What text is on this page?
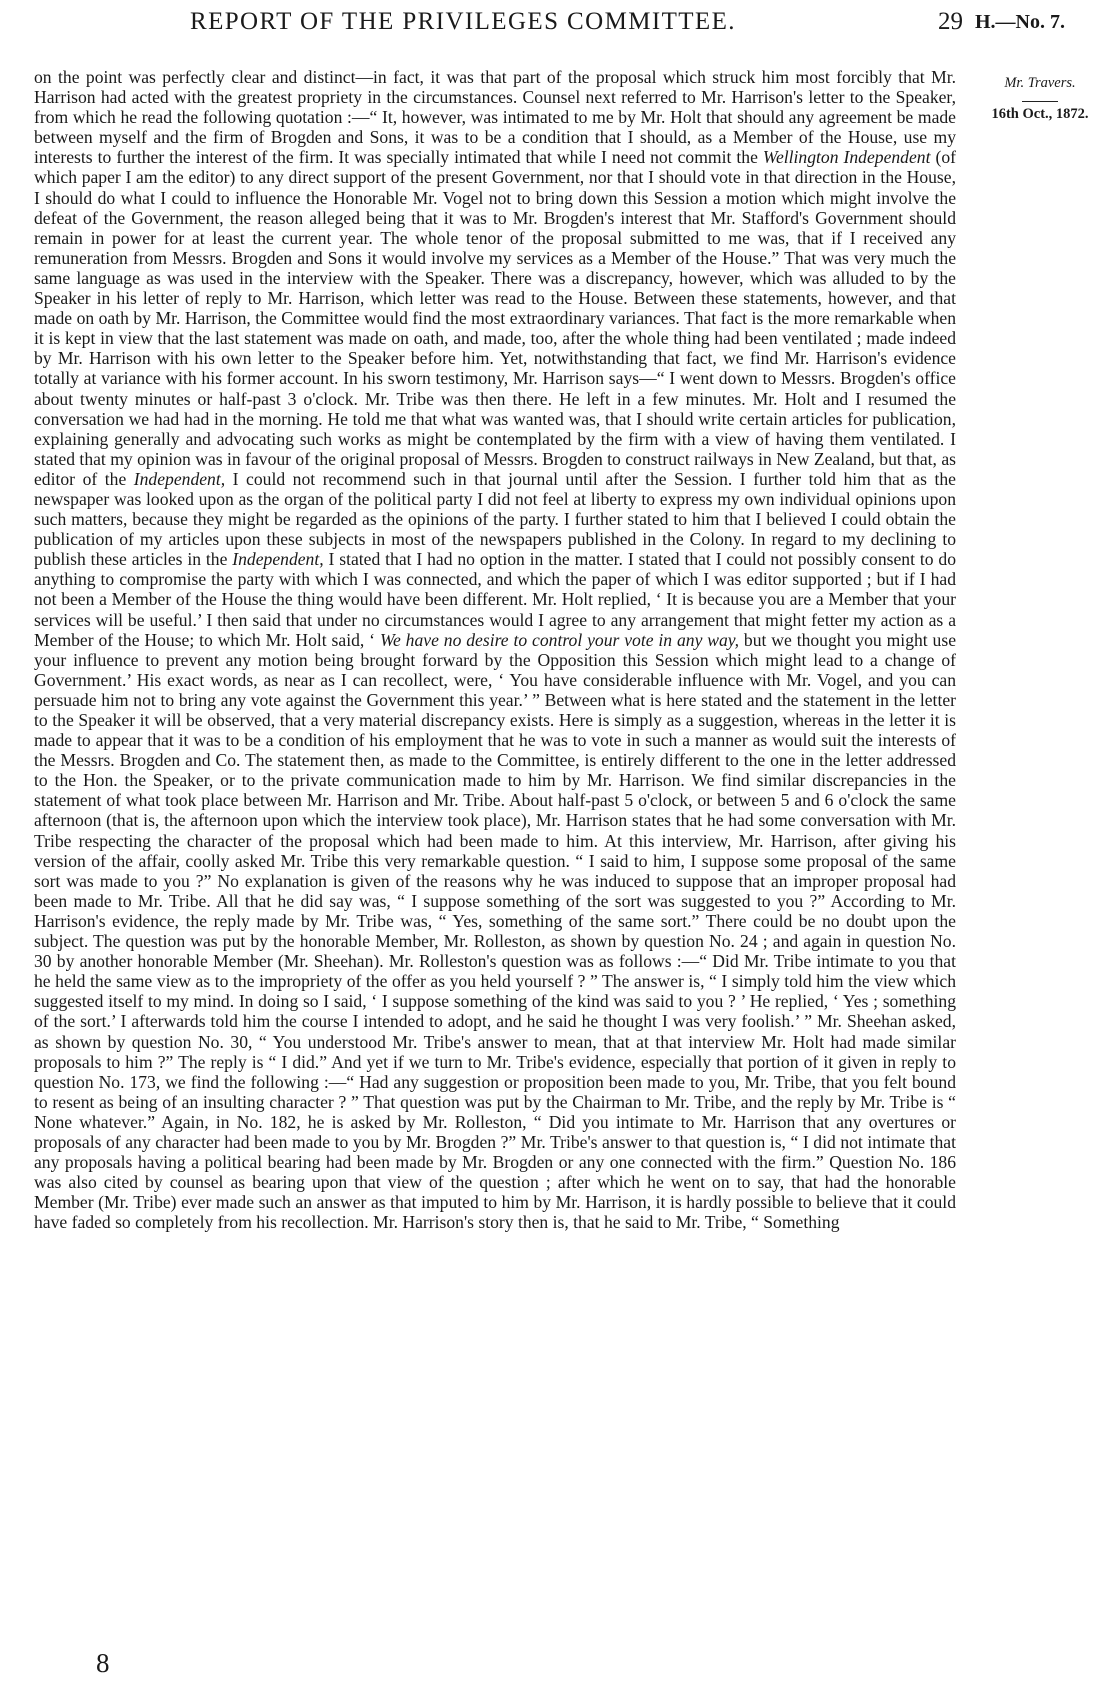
REPORT OF THE PRIVILEGES COMMITTEE.	29 H.—No. 7.
Mr. Travers.
16th Oct., 1872.

on the point was perfectly clear and distinct—in fact, it was that part of the proposal which struck him most forcibly that Mr. Harrison had acted with the greatest propriety in the circumstances. Counsel next referred to Mr. Harrison's letter to the Speaker, from which he read the following quotation :—“ It, however, was intimated to me by Mr. Holt that should any agreement be made between myself and the firm of Brogden and Sons, it was to be a condition that I should, as a Member of the House, use my interests to further the interest of the firm. It was specially intimated that while I need not commit the Wellington Independent (of which paper I am the editor) to any direct support of the present Government, nor that I should vote in that direction in the House, I should do what I could to influence the Honorable Mr. Vogel not to bring down this Session a motion which might involve the defeat of the Government, the reason alleged being that it was to Mr. Brogden's interest that Mr. Stafford's Government should remain in power for at least the current year. The whole tenor of the proposal submitted to me was, that if I received any remuneration from Messrs. Brogden and Sons it would involve my services as a Member of the House.” That was very much the same language as was used in the interview with the Speaker. There was a discrepancy, however, which was alluded to by the Speaker in his letter of reply to Mr. Harrison, which letter was read to the House. Between these statements, however, and that made on oath by Mr. Harrison, the Committee would find the most extraordinary variances. That fact is the more remarkable when it is kept in view that the last statement was made on oath, and made, too, after the whole thing had been ventilated ; made indeed by Mr. Harrison with his own letter to the Speaker before him. Yet, notwithstanding that fact, we find Mr. Harrison's evidence totally at variance with his former account. In his sworn testimony, Mr. Harrison says—“ I went down to Messrs. Brogden's office about twenty minutes or half-past 3 o'clock. Mr. Tribe was then there. He left in a few minutes. Mr. Holt and I resumed the conversation we had had in the morning. He told me that what was wanted was, that I should write certain articles for publication, explaining generally and advocating such works as might be contemplated by the firm with a view of having them ventilated. I stated that my opinion was in favour of the original proposal of Messrs. Brogden to construct railways in New Zealand, but that, as editor of the Independent, I could not recommend such in that journal until after the Session. I further told him that as the newspaper was looked upon as the organ of the political party I did not feel at liberty to express my own individual opinions upon such matters, because they might be regarded as the opinions of the party. I further stated to him that I believed I could obtain the publication of my articles upon these subjects in most of the newspapers published in the Colony. In regard to my declining to publish these articles in the Independent, I stated that I had no option in the matter. I stated that I could not possibly consent to do anything to compromise the party with which I was connected, and which the paper of which I was editor supported ; but if I had not been a Member of the House the thing would have been different. Mr. Holt replied, ‘ It is because you are a Member that your services will be useful.’ I then said that under no circumstances would I agree to any arrangement that might fetter my action as a Member of the House; to which Mr. Holt said, ‘ We have no desire to control your vote in any way, but we thought you might use your influence to prevent any motion being brought forward by the Opposition this Session which might lead to a change of Government.’ His exact words, as near as I can recollect, were, ‘ You have considerable influence with Mr. Vogel, and you can persuade him not to bring any vote against the Government this year.’ ” Between what is here stated and the statement in the letter to the Speaker it will be observed, that a very material discrepancy exists. Here is simply as a suggestion, whereas in the letter it is made to appear that it was to be a condition of his employment that he was to vote in such a manner as would suit the interests of the Messrs. Brogden and Co. The statement then, as made to the Committee, is entirely different to the one in the letter addressed to the Hon. the Speaker, or to the private communication made to him by Mr. Harrison. We find similar discrepancies in the statement of what took place between Mr. Harrison and Mr. Tribe. About half-past 5 o'clock, or between 5 and 6 o'clock the same afternoon (that is, the afternoon upon which the interview took place), Mr. Harrison states that he had some conversation with Mr. Tribe respecting the character of the proposal which had been made to him. At this interview, Mr. Harrison, after giving his version of the affair, coolly asked Mr. Tribe this very remarkable question. “ I said to him, I suppose some proposal of the same sort was made to you ?” No explanation is given of the reasons why he was induced to suppose that an improper proposal had been made to Mr. Tribe. All that he did say was, “ I suppose something of the sort was suggested to you ?” According to Mr. Harrison's evidence, the reply made by Mr. Tribe was, “ Yes, something of the same sort.” There could be no doubt upon the subject. The question was put by the honorable Member, Mr. Rolleston, as shown by question No. 24 ; and again in question No. 30 by another honorable Member (Mr. Sheehan). Mr. Rolleston's question was as follows :—“ Did Mr. Tribe intimate to you that he held the same view as to the impropriety of the offer as you held yourself ? ” The answer is, “ I simply told him the view which suggested itself to my mind. In doing so I said, ‘ I suppose something of the kind was said to you ? ’ He replied, ‘ Yes ; something of the sort.’ I afterwards told him the course I intended to adopt, and he said he thought I was very foolish.’ ” Mr. Sheehan asked, as shown by question No. 30, “ You understood Mr. Tribe's answer to mean, that at that interview Mr. Holt had made similar proposals to him ?” The reply is “ I did.” And yet if we turn to Mr. Tribe's evidence, especially that portion of it given in reply to question No. 173, we find the following :—“ Had any suggestion or proposition been made to you, Mr. Tribe, that you felt bound to resent as being of an insulting character ? ” That question was put by the Chairman to Mr. Tribe, and the reply by Mr. Tribe is “ None whatever.” Again, in No. 182, he is asked by Mr. Rolleston, “ Did you intimate to Mr. Harrison that any overtures or proposals of any character had been made to you by Mr. Brogden ?” Mr. Tribe's answer to that question is, “ I did not intimate that any proposals having a political bearing had been made by Mr. Brogden or any one connected with the firm.” Question No. 186 was also cited by counsel as bearing upon that view of the question ; after which he went on to say, that had the honorable Member (Mr. Tribe) ever made such an answer as that imputed to him by Mr. Harrison, it is hardly possible to believe that it could have faded so completely from his recollection. Mr. Harrison's story then is, that he said to Mr. Tribe, “ Something

8
